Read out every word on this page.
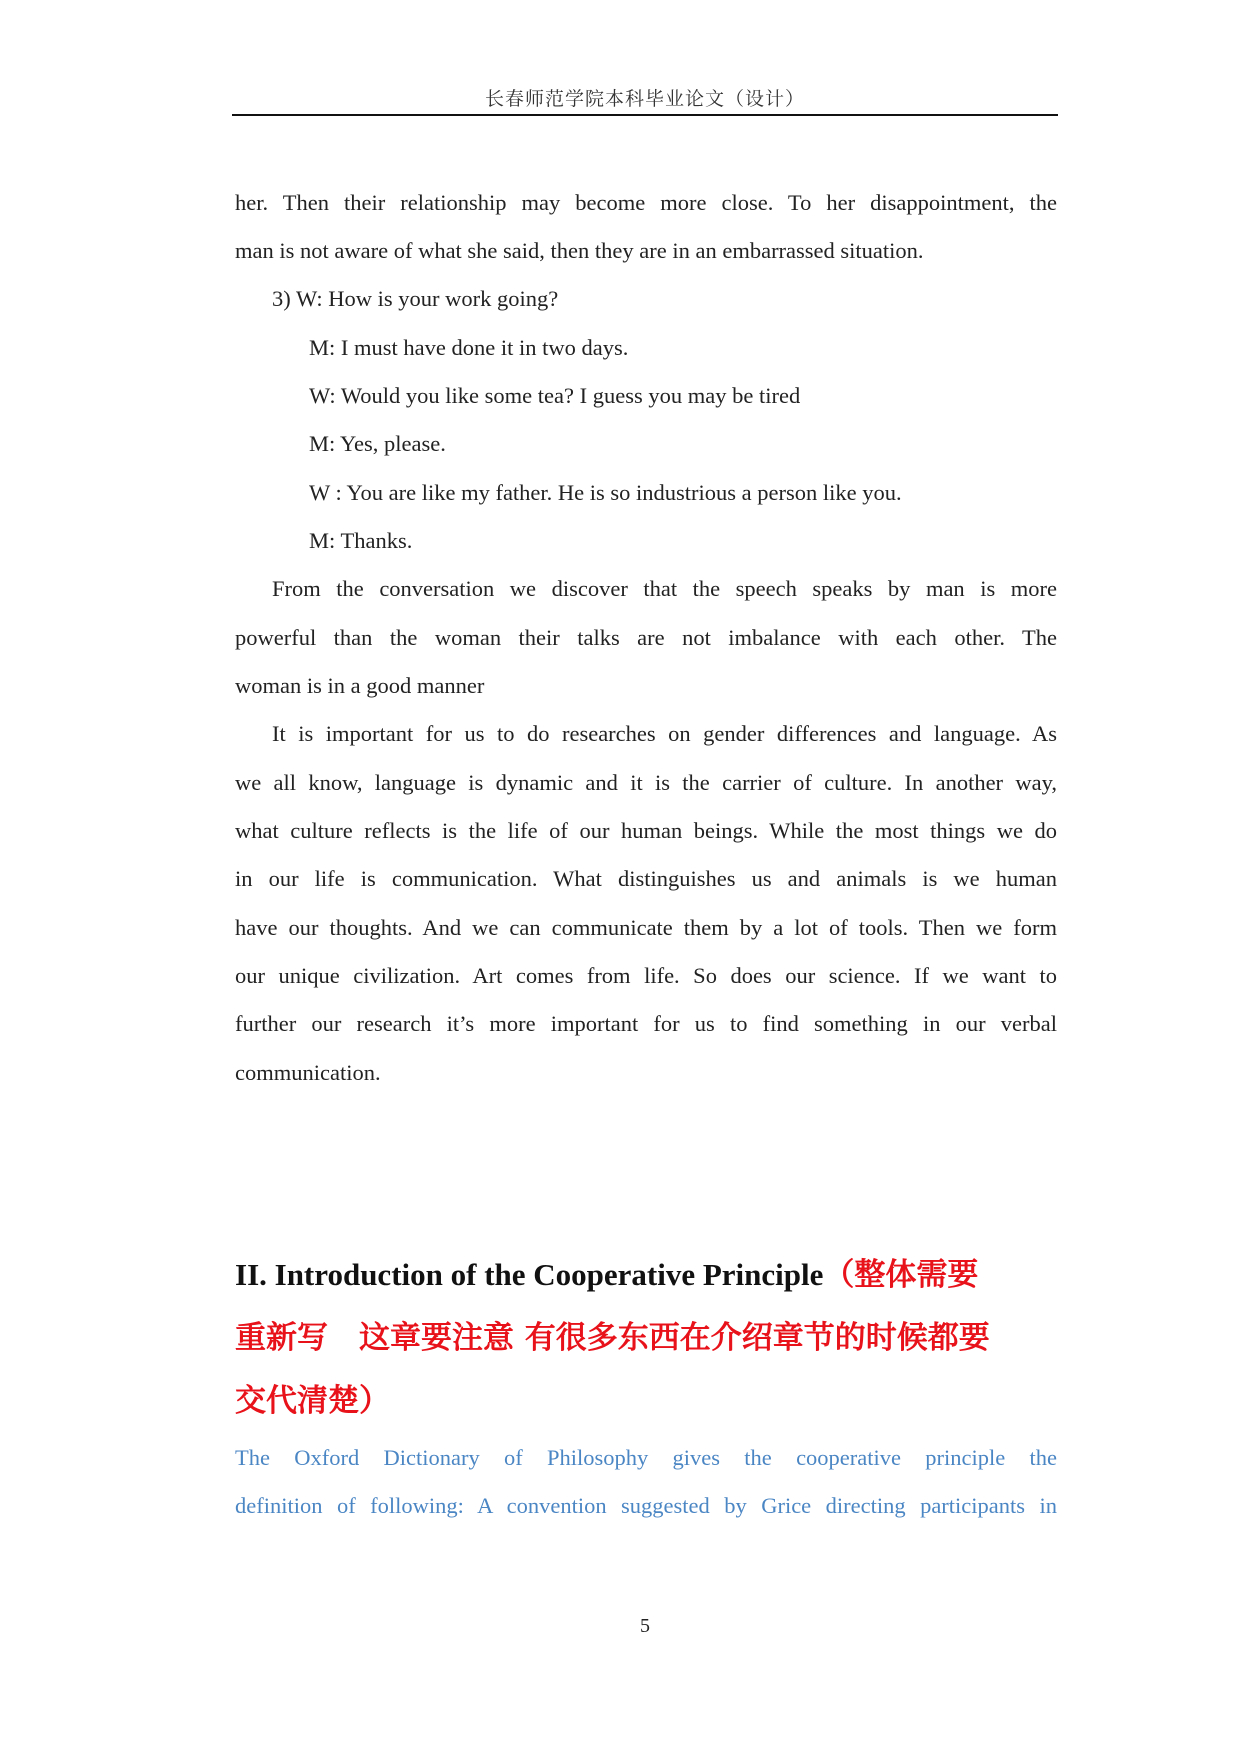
长春师范学院本科毕业论文（设计）
her. Then their relationship may become more close. To her disappointment, the
man is not aware of what she said, then they are in an embarrassed situation.
3) W: How is your work going?
M: I must have done it in two days.
W: Would you like some tea? I guess you may be tired
M: Yes, please.
W : You are like my father. He is so industrious a person like you.
M: Thanks.
From the conversation we discover that the speech speaks by man is more
powerful than the woman their talks are not imbalance with each other. The
woman is in a good manner
It is important for us to do researches on gender differences and language. As
we all know, language is dynamic and it is the carrier of culture. In another way,
what culture reflects is the life of our human beings. While the most things we do
in our life is communication. What distinguishes us and animals is we human
have our thoughts. And we can communicate them by a lot of tools. Then we form
our unique civilization. Art comes from life. So does our science. If we want to
further our research it’s more important for us to find something in our verbal
communication.
II. Introduction of the Cooperative Principle（整体需要
重新写　这章要注意 有很多东西在介绍章节的时候都要
交代清楚）
The Oxford Dictionary of Philosophy gives the cooperative principle the
definition of following: A convention suggested by Grice directing participants in
5
